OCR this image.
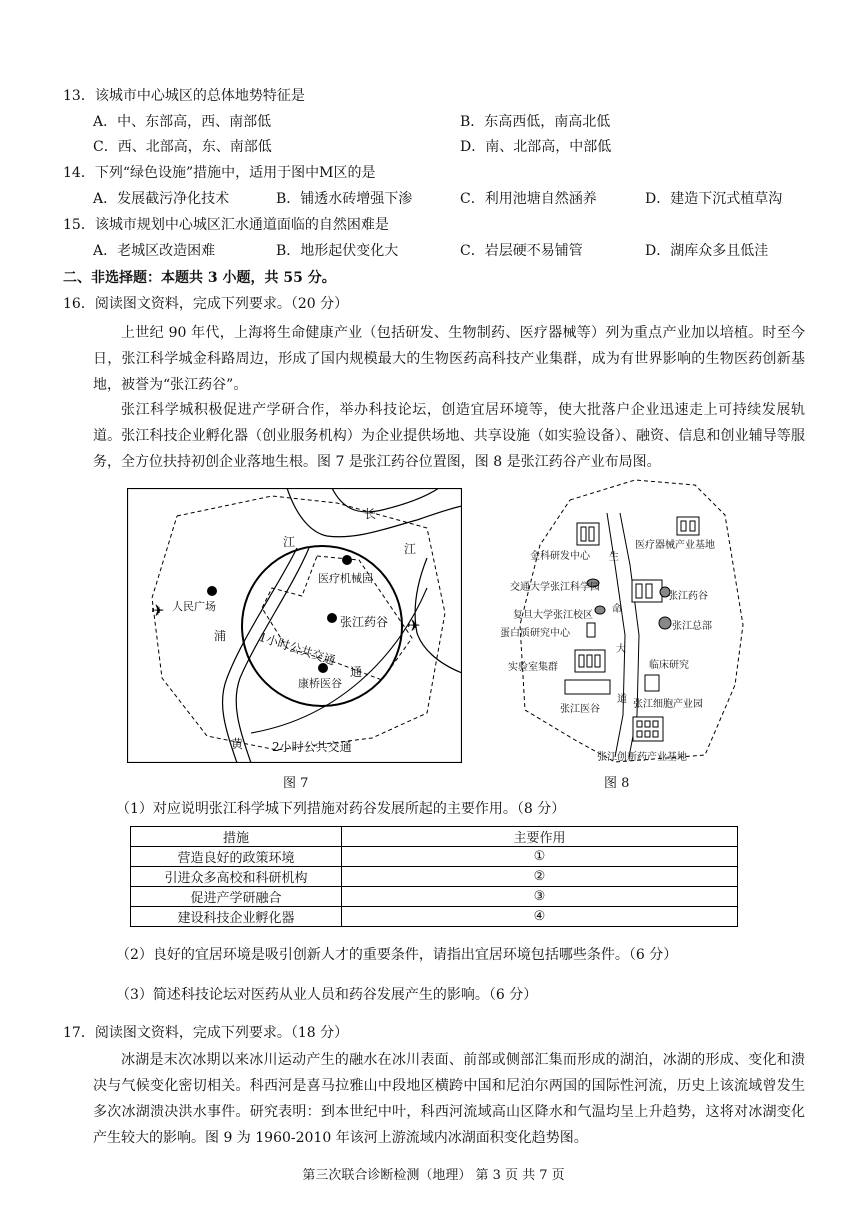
13．该城市中心城区的总体地势特征是
A．中、东部高，西、南部低	B．东高西低，南高北低
C．西、北部高，东、南部低	D．南、北部高，中部低
14．下列“绿色设施”措施中，适用于图中M区的是
A．发展截污净化技术	B．铺透水砖增强下渗	C．利用池塘自然涵养	D．建造下沉式植草沟
15．该城市规划中心城区汇水通道面临的自然困难是
A．老城区改造困难	B．地形起伏变化大	C．岩层硬不易铺管	D．湖库众多且低洼
二、非选择题：本题共 3 小题，共 55 分。
16．阅读图文资料，完成下列要求。（20 分）
上世纪 90 年代，上海将生命健康产业（包括研发、生物制药、医疗器械等）列为重点产业加以培植。时至今日，张江科学城金科路周边，形成了国内规模最大的生物医药高科技产业集群，成为有世界影响的生物医药创新基地，被誉为“张江药谷”。
张江科学城积极促进产学研合作，举办科技论坛，创造宜居环境等，使大批落户企业迅速走上可持续发展轨道。张江科技企业孵化器（创业服务机构）为企业提供场地、共享设施（如实验设备）、融资、信息和创业辅导等服务，全方位扶持初创企业落地生根。图 7 是张江药谷位置图，图 8 是张江药谷产业布局图。
✈
✈
长
江	江
浦
黄
人民广场
医疗机械园
张江药谷
康桥医谷
1小时公共交通
通
2小时公共交通
图 7
金科研发中心
交通大学张江科学园
复旦大学张江校区
蛋白质研究中心
实验室集群
张江医谷
医疗器械产业基地
张江药谷
张江总部
临床研究
张江细胞产业园
张江创新药产业基地
生
命
大
道
图 8
（1）对应说明张江科学城下列措施对药谷发展所起的主要作用。（8 分）
措施	主要作用
营造良好的政策环境	①
引进众多高校和科研机构	②
促进产学研融合	③
建设科技企业孵化器	④
（2）良好的宜居环境是吸引创新人才的重要条件，请指出宜居环境包括哪些条件。（6 分）
（3）简述科技论坛对医药从业人员和药谷发展产生的影响。（6 分）
17．阅读图文资料，完成下列要求。（18 分）
冰湖是末次冰期以来冰川运动产生的融水在冰川表面、前部或侧部汇集而形成的湖泊，冰湖的形成、变化和溃决与气候变化密切相关。科西河是喜马拉雅山中段地区横跨中国和尼泊尔两国的国际性河流，历史上该流域曾发生多次冰湖溃决洪水事件。研究表明：到本世纪中叶，科西河流域高山区降水和气温均呈上升趋势，这将对冰湖变化产生较大的影响。图 9 为 1960-2010 年该河上游流域内冰湖面积变化趋势图。
第三次联合诊断检测（地理） 第 3 页 共 7 页
